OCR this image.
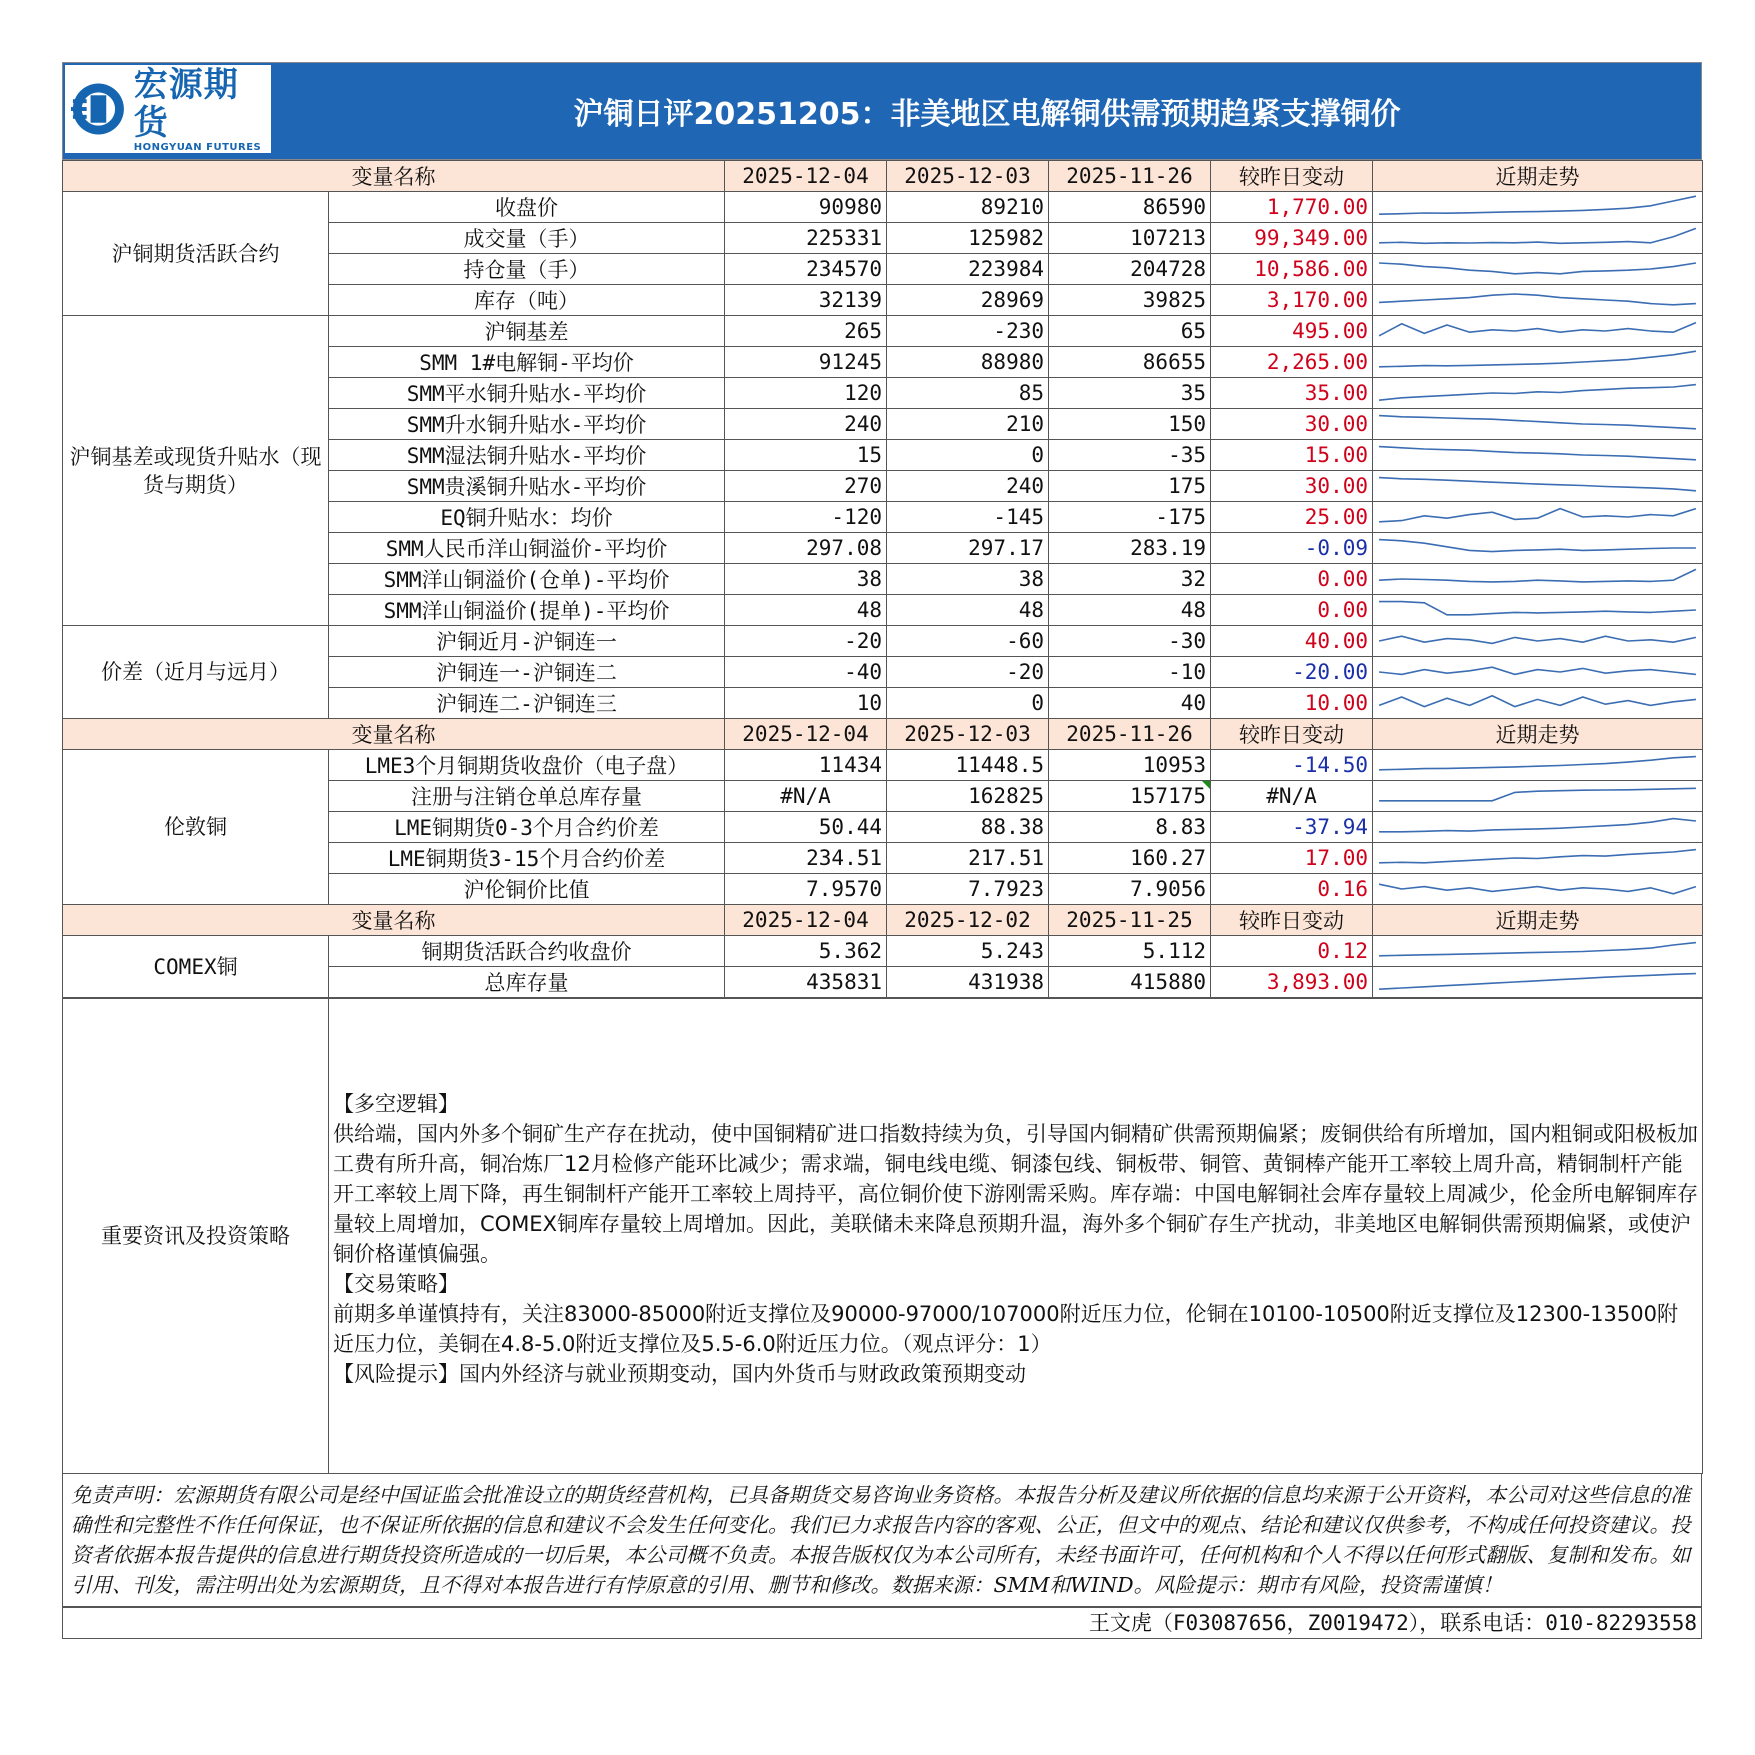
宏源期货
HONGYUAN FUTURES
沪铜日评20251205：非美地区电解铜供需预期趋紧支撑铜价
变量名称		2025-12-04	2025-12-03	2025-11-26	较昨日变动	近期走势
沪铜期货活跃合约	收盘价	90980	89210	86590	1,770.00	

	成交量（手）	225331	125982	107213	99,349.00	

	持仓量（手）	234570	223984	204728	10,586.00	

	库存（吨）	32139	28969	39825	3,170.00	

沪铜基差或现货升贴水（现货与期货）	沪铜基差	265	-230	65	495.00	

	SMM 1#电解铜-平均价	91245	88980	86655	2,265.00	

	SMM平水铜升贴水-平均价	120	85	35	35.00	

	SMM升水铜升贴水-平均价	240	210	150	30.00	

	SMM湿法铜升贴水-平均价	15	0	-35	15.00	

	SMM贵溪铜升贴水-平均价	270	240	175	30.00	

	EQ铜升贴水：均价	-120	-145	-175	25.00	

	SMM人民币洋山铜溢价-平均价	297.08	297.17	283.19	-0.09	

	SMM洋山铜溢价(仓单)-平均价	38	38	32	0.00	

	SMM洋山铜溢价(提单)-平均价	48	48	48	0.00	

价差（近月与远月）	沪铜近月-沪铜连一	-20	-60	-30	40.00	

	沪铜连一-沪铜连二	-40	-20	-10	-20.00	

	沪铜连二-沪铜连三	10	0	40	10.00	

变量名称		2025-12-04	2025-12-03	2025-11-26	较昨日变动	近期走势
伦敦铜	LME3个月铜期货收盘价（电子盘）	11434	11448.5	10953	-14.50	

	注册与注销仓单总库存量	#N/A	162825	157175	#N/A	

	LME铜期货0-3个月合约价差	50.44	88.38	8.83	-37.94	

	LME铜期货3-15个月合约价差	234.51	217.51	160.27	17.00	

	沪伦铜价比值	7.9570	7.7923	7.9056	0.16	

变量名称		2025-12-04	2025-12-02	2025-11-25	较昨日变动	近期走势
COMEX铜	铜期货活跃合约收盘价	5.362	5.243	5.112	0.12	

	总库存量	435831	431938	415880	3,893.00	
重要资讯及投资策略	

【多空逻辑】

供给端，国内外多个铜矿生产存在扰动，使中国铜精矿进口指数持续为负，引导国内铜精矿供需预期偏紧；废铜供给有所增加，国内粗铜或阳极板加工费有所升高，铜冶炼厂12月检修产能环比减少；需求端，铜电线电缆、铜漆包线、铜板带、铜管、黄铜棒产能开工率较上周升高，精铜制杆产能开工率较上周下降，再生铜制杆产能开工率较上周持平，高位铜价使下游刚需采购。库存端：中国电解铜社会库存量较上周减少，伦金所电解铜库存量较上周增加，COMEX铜库存量较上周增加。因此，美联储未来降息预期升温，海外多个铜矿存生产扰动，非美地区电解铜供需预期偏紧，或使沪铜价格谨慎偏强。

【交易策略】

前期多单谨慎持有，关注83000-85000附近支撑位及90000-97000/107000附近压力位，伦铜在10100-10500附近支撑位及12300-13500附近压力位，美铜在4.8-5.0附近支撑位及5.5-6.0附近压力位。（观点评分：1）

【风险提示】国内外经济与就业预期变动，国内外货币与财政政策预期变动

免责声明：宏源期货有限公司是经中国证监会批准设立的期货经营机构，已具备期货交易咨询业务资格。本报告分析及建议所依据的信息均来源于公开资料，本公司对这些信息的准确性和完整性不作任何保证，也不保证所依据的信息和建议不会发生任何变化。我们已力求报告内容的客观、公正，但文中的观点、结论和建议仅供参考，不构成任何投资建议。投资者依据本报告提供的信息进行期货投资所造成的一切后果，本公司概不负责。本报告版权仅为本公司所有，未经书面许可，任何机构和个人不得以任何形式翻版、复制和发布。如引用、刊发，需注明出处为宏源期货，且不得对本报告进行有悖原意的引用、删节和修改。数据来源：SMM和WIND。风险提示：期市有风险，投资需谨慎！
王文虎（F03087656，Z0019472），联系电话：010-82293558
